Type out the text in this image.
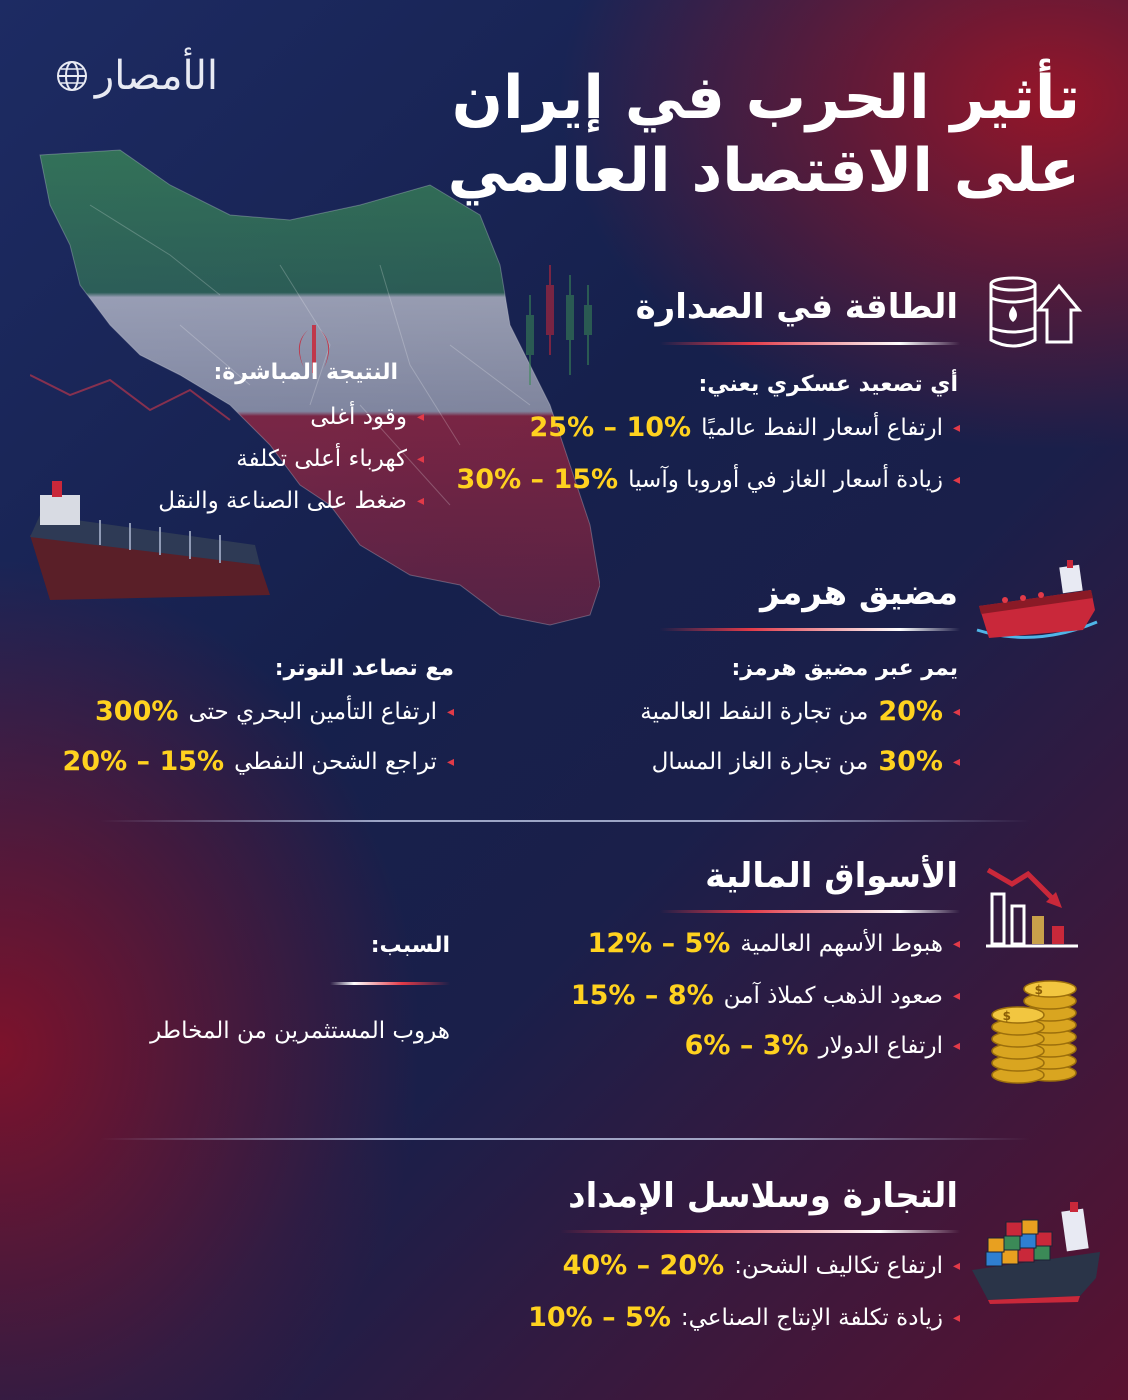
الأمصار	تأثير الحرب في إيران
على الاقتصاد العالمي
الطاقة في الصدارة
أي تصعيد عسكري يعني:
◂
ارتفاع أسعار النفط عالميًا
10% – 25%
◂
زيادة أسعار الغاز في أوروبا وآسيا
15% – 30%
النتيجة المباشرة:
◂
وقود أغلى
◂
كهرباء أعلى تكلفة
◂
ضغط على الصناعة والنقل
مضيق هرمز
يمر عبر مضيق هرمز:
◂
20%
من تجارة النفط العالمية
◂
30%
من تجارة الغاز المسال
مع تصاعد التوتر:
◂
ارتفاع التأمين البحري حتى
300%
◂
تراجع الشحن النفطي
15% – 20%
الأسواق المالية
$
$
◂
هبوط الأسهم العالمية
5% – 12%
◂
صعود الذهب كملاذ آمن
8% – 15%
◂
ارتفاع الدولار
3% – 6%
السبب:
هروب المستثمرين من المخاطر
التجارة وسلاسل الإمداد
◂
ارتفاع تكاليف الشحن:
20% – 40%
◂
زيادة تكلفة الإنتاج الصناعي:
5% – 10%
